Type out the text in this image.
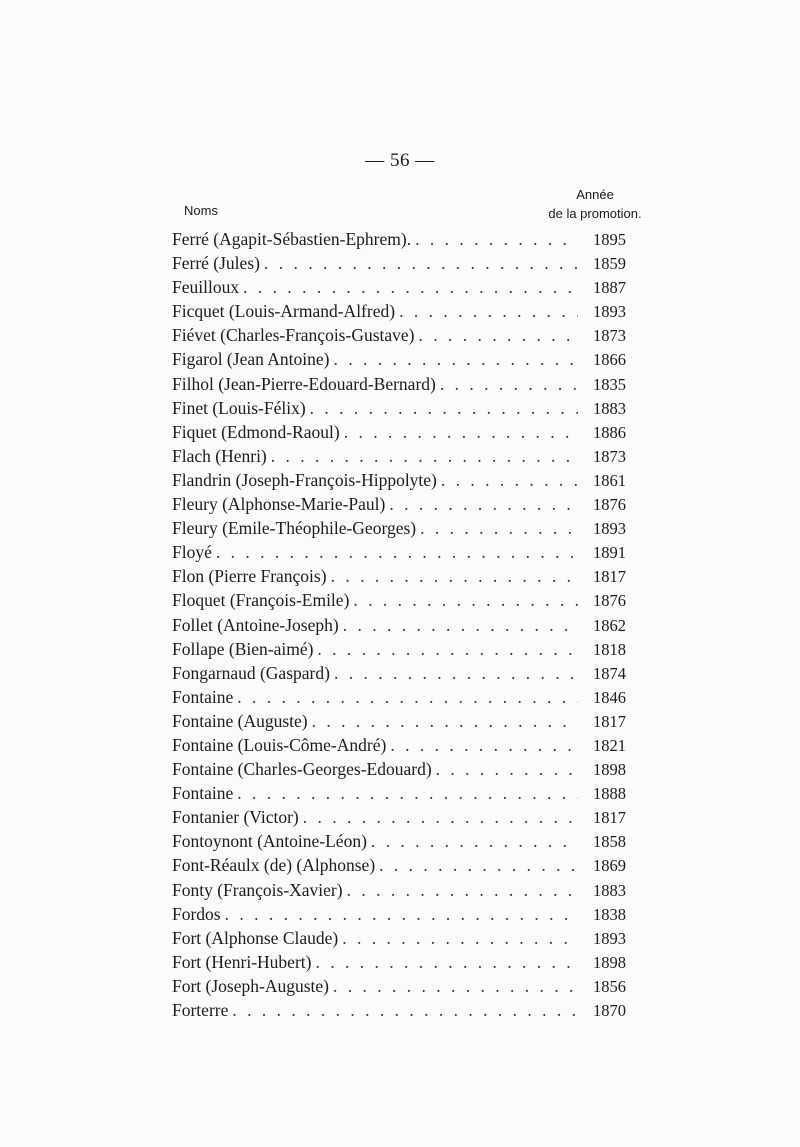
— 56 —
Noms
Année
de la promotion.
Ferré (Agapit-Sébastien-Ephrem). . . .	1895
Ferré (Jules) . . .	1859
Feuilloux . . .	1887
Ficquet (Louis-Armand-Alfred) . . .	1893
Fiévet (Charles-François-Gustave) . . .	1873
Figarol (Jean Antoine) . . .	1866
Filhol (Jean-Pierre-Edouard-Bernard) . . .	1835
Finet (Louis-Félix) . . .	1883
Fiquet (Edmond-Raoul) . . .	1886
Flach (Henri) . . .	1873
Flandrin (Joseph-François-Hippolyte) . . .	1861
Fleury (Alphonse-Marie-Paul) . . .	1876
Fleury (Emile-Théophile-Georges) . . .	1893
Floyé . . .	1891
Flon (Pierre François) . . .	1817
Floquet (François-Emile) . . .	1876
Follet (Antoine-Joseph) . . .	1862
Follape (Bien-aimé) . . .	1818
Fongarnaud (Gaspard) . . .	1874
Fontaine . . .	1846
Fontaine (Auguste) . . .	1817
Fontaine (Louis-Côme-André) . . .	1821
Fontaine (Charles-Georges-Edouard) . . .	1898
Fontaine . . .	1888
Fontanier (Victor) . . .	1817
Fontoynont (Antoine-Léon) . . .	1858
Font-Réaulx (de) (Alphonse) . . .	1869
Fonty (François-Xavier) . . .	1883
Fordos . . .	1838
Fort (Alphonse Claude) . . .	1893
Fort (Henri-Hubert) . . .	1898
Fort (Joseph-Auguste) . . .	1856
Forterre . . .	1870
